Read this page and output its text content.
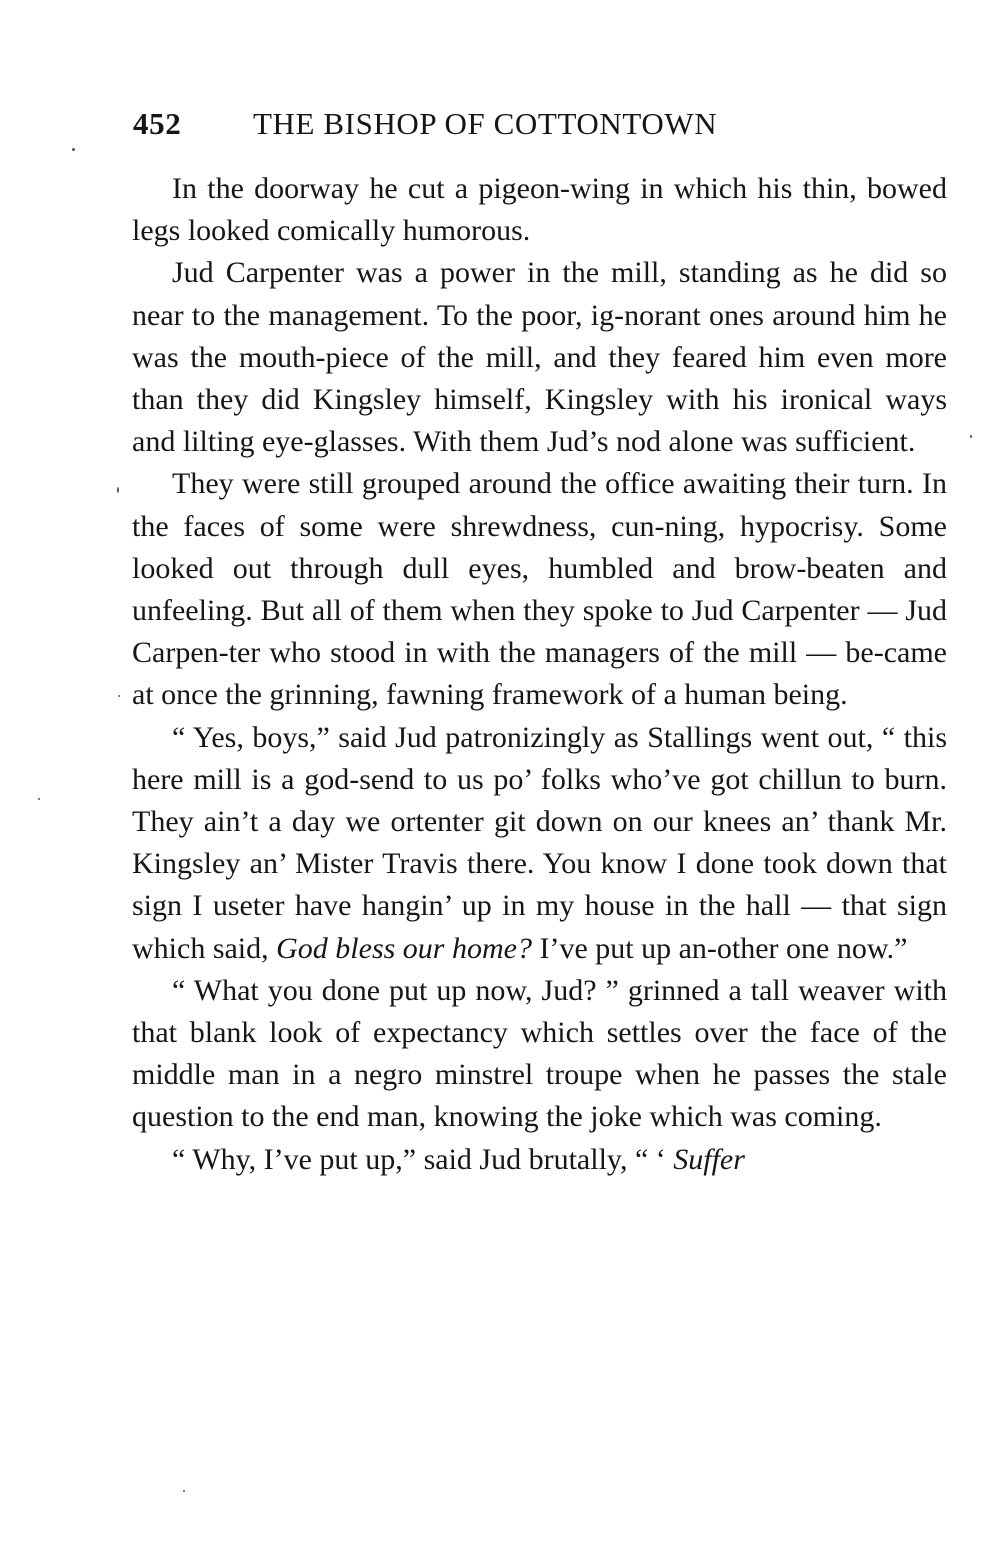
452 THE BISHOP OF COTTONTOWN

In the doorway he cut a pigeon-wing in which his thin, bowed legs looked comically humorous.

Jud Carpenter was a power in the mill, standing as he did so near to the management. To the poor, ig-norant ones around him he was the mouth-piece of the mill, and they feared him even more than they did Kingsley himself, Kingsley with his ironical ways and lilting eye-glasses. With them Jud’s nod alone was sufficient.

They were still grouped around the office awaiting their turn. In the faces of some were shrewdness, cun-ning, hypocrisy. Some looked out through dull eyes, humbled and brow-beaten and unfeeling. But all of them when they spoke to Jud Carpenter — Jud Carpen-ter who stood in with the managers of the mill — be-came at once the grinning, fawning framework of a human being.

“ Yes, boys,” said Jud patronizingly as Stallings went out, “ this here mill is a god-send to us po’ folks who’ve got chillun to burn. They ain’t a day we ortenter git down on our knees an’ thank Mr. Kingsley an’ Mister Travis there. You know I done took down that sign I useter have hangin’ up in my house in the hall — that sign which said, God bless our home? I’ve put up an-other one now.”

“ What you done put up now, Jud? ” grinned a tall weaver with that blank look of expectancy which settles over the face of the middle man in a negro minstrel troupe when he passes the stale question to the end man, knowing the joke which was coming.

“ Why, I’ve put up,” said Jud brutally, “ ‘ Suffer
